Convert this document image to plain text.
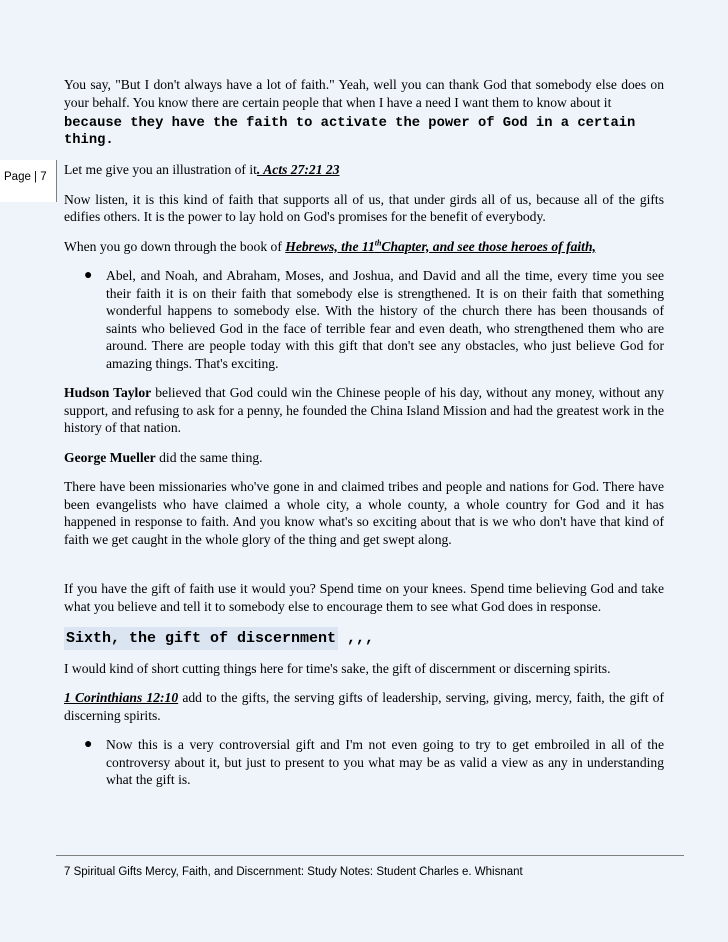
Page | 7

You say, "But I don't always have a lot of faith." Yeah, well you can thank God that somebody else does on your behalf. You know there are certain people that when I have a need I want them to know about it

because they have the faith to activate the power of God in a certain thing.

Let me give you an illustration of it. Acts 27:21 23

Now listen, it is this kind of faith that supports all of us, that under girds all of us, because all of the gifts edifies others. It is the power to lay hold on God's promises for the benefit of everybody.

When you go down through the book of Hebrews, the 11thChapter, and see those heroes of faith,

● Abel, and Noah, and Abraham, Moses, and Joshua, and David and all the time, every time you see their faith it is on their faith that somebody else is strengthened. It is on their faith that something wonderful happens to somebody else. With the history of the church there has been thousands of saints who believed God in the face of terrible fear and even death, who strengthened them who are around. There are people today with this gift that don't see any obstacles, who just believe God for amazing things. That's exciting.

Hudson Taylor believed that God could win the Chinese people of his day, without any money, without any support, and refusing to ask for a penny, he founded the China Island Mission and had the greatest work in the history of that nation.

George Mueller did the same thing.

There have been missionaries who've gone in and claimed tribes and people and nations for God. There have been evangelists who have claimed a whole city, a whole county, a whole country for God and it has happened in response to faith. And you know what's so exciting about that is we who don't have that kind of faith we get caught in the whole glory of the thing and get swept along.

If you have the gift of faith use it would you? Spend time on your knees. Spend time believing God and take what you believe and tell it to somebody else to encourage them to see what God does in response.

Sixth, the gift of discernment ,,,

I would kind of short cutting things here for time's sake, the gift of discernment or discerning spirits.

1 Corinthians 12:10 add to the gifts, the serving gifts of leadership, serving, giving, mercy, faith, the gift of discerning spirits.

● Now this is a very controversial gift and I'm not even going to try to get embroiled in all of the controversy about it, but just to present to you what may be as valid a view as any in understanding what the gift is.
7 Spiritual Gifts Mercy, Faith, and Discernment: Study Notes: Student Charles e. Whisnant
